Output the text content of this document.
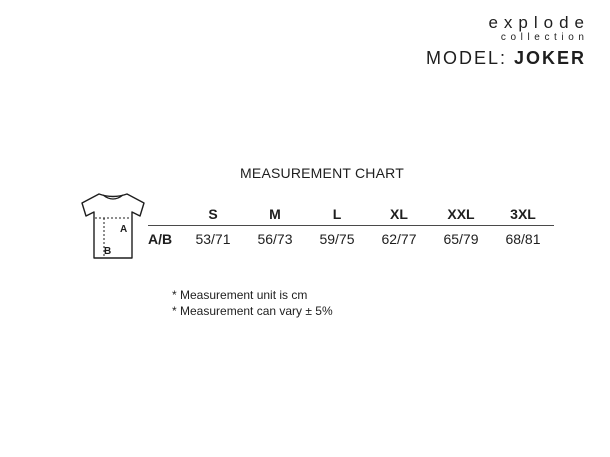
explode
collection
MODEL: JOKER
MEASUREMENT CHART
A
B
	S	M	L	XL	XXL	3XL
A/B	53/71	56/73	59/75	62/77	65/79	68/81
* Measurement unit is cm
* Measurement can vary ± 5%
